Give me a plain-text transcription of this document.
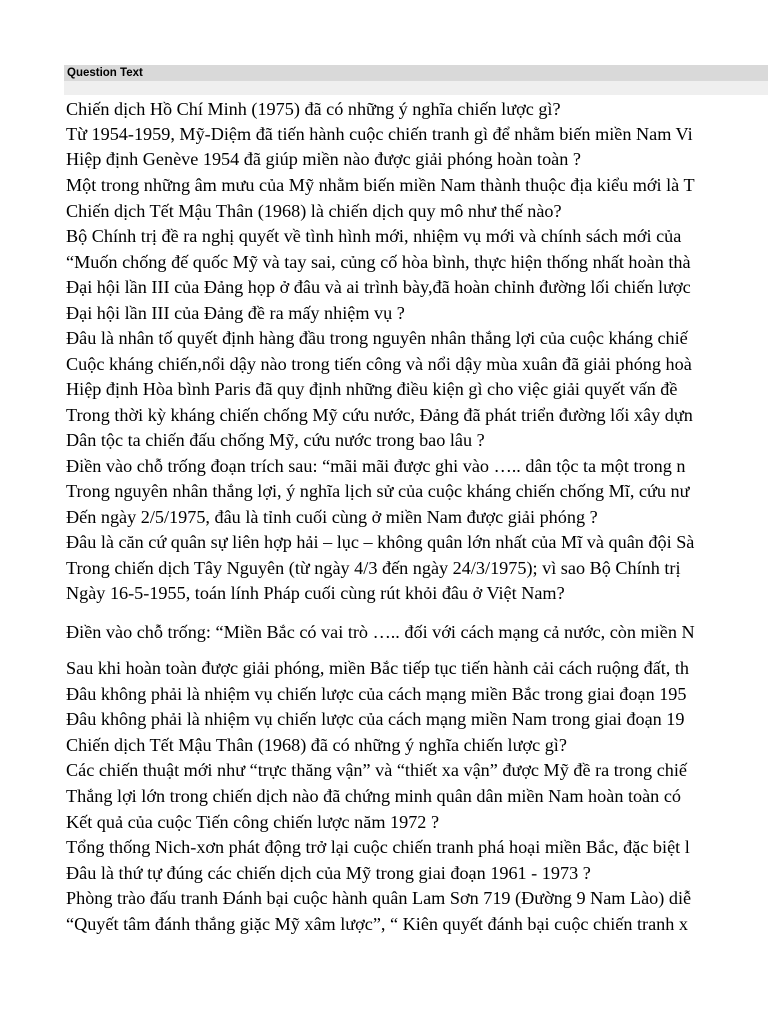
Question Text
Chiến dịch Hồ Chí Minh (1975) đã có những ý nghĩa chiến lược gì?
Từ 1954-1959, Mỹ-Diệm đã tiến hành cuộc chiến tranh gì để nhằm biến miền Nam Vi
Hiệp định Genève 1954 đã giúp miền nào được giải phóng hoàn toàn ?
Một trong những âm mưu của Mỹ nhằm biến miền Nam thành thuộc địa kiểu mới là T
Chiến dịch Tết Mậu Thân (1968) là chiến dịch quy mô như thế nào?
Bộ Chính trị đề ra nghị quyết về tình hình mới, nhiệm vụ mới và chính sách mới của
“Muốn chống đế quốc Mỹ và tay sai, củng cố hòa bình, thực hiện thống nhất hoàn thà
Đại hội lần III của Đảng họp ở đâu và ai trình bày,đã hoàn chỉnh đường lối chiến lược
Đại hội lần III của Đảng đề ra mấy nhiệm vụ ?
Đâu là nhân tố quyết định hàng đầu trong nguyên nhân thắng lợi của cuộc kháng chiế
Cuộc kháng chiến,nổi dậy nào trong tiến công và nổi dậy mùa xuân đã giải phóng hoà
Hiệp định Hòa bình Paris đã quy định những điều kiện gì cho việc giải quyết vấn đề
Trong thời kỳ kháng chiến chống Mỹ cứu nước, Đảng đã phát triển đường lối xây dựn
Dân tộc ta chiến đấu chống Mỹ, cứu nước trong bao lâu ?
Điền vào chỗ trống đoạn trích sau: “mãi mãi được ghi vào ….. dân tộc ta một trong n
Trong nguyên nhân thắng lợi, ý nghĩa lịch sử của cuộc kháng chiến chống Mĩ, cứu nư
Đến ngày 2/5/1975, đâu là tỉnh cuối cùng ở miền Nam được giải phóng ?
Đâu là căn cứ quân sự liên hợp hải – lục – không quân lớn nhất của Mĩ và quân đội Sà
Trong chiến dịch Tây Nguyên (từ ngày 4/3 đến ngày 24/3/1975); vì sao Bộ Chính trị
Ngày 16-5-1955, toán lính Pháp cuối cùng rút khỏi đâu ở Việt Nam?
Điền vào chỗ trống: “Miền Bắc có vai trò ….. đối với cách mạng cả nước, còn miền N
Sau khi hoàn toàn được giải phóng, miền Bắc tiếp tục tiến hành cải cách ruộng đất, th
Đâu không phải là nhiệm vụ chiến lược của cách mạng miền Bắc trong giai đoạn 195
Đâu không phải là nhiệm vụ chiến lược của cách mạng miền Nam trong giai đoạn 19
Chiến dịch Tết Mậu Thân (1968) đã có những ý nghĩa chiến lược gì?
Các chiến thuật mới như “trực thăng vận” và “thiết xa vận” được Mỹ đề ra trong chiế
Thắng lợi lớn trong chiến dịch nào đã chứng minh quân dân miền Nam hoàn toàn có
Kết quả của cuộc Tiến công chiến lược năm 1972 ?
Tổng thống Nich-xơn phát động trở lại cuộc chiến tranh phá hoại miền Bắc, đặc biệt l
Đâu là thứ tự đúng các chiến dịch của Mỹ trong giai đoạn 1961 - 1973 ?
Phòng trào đấu tranh Đánh bại cuộc hành quân Lam Sơn 719 (Đường 9 Nam Lào) diễ
“Quyết tâm đánh thắng giặc Mỹ xâm lược”, “ Kiên quyết đánh bại cuộc chiến tranh x
